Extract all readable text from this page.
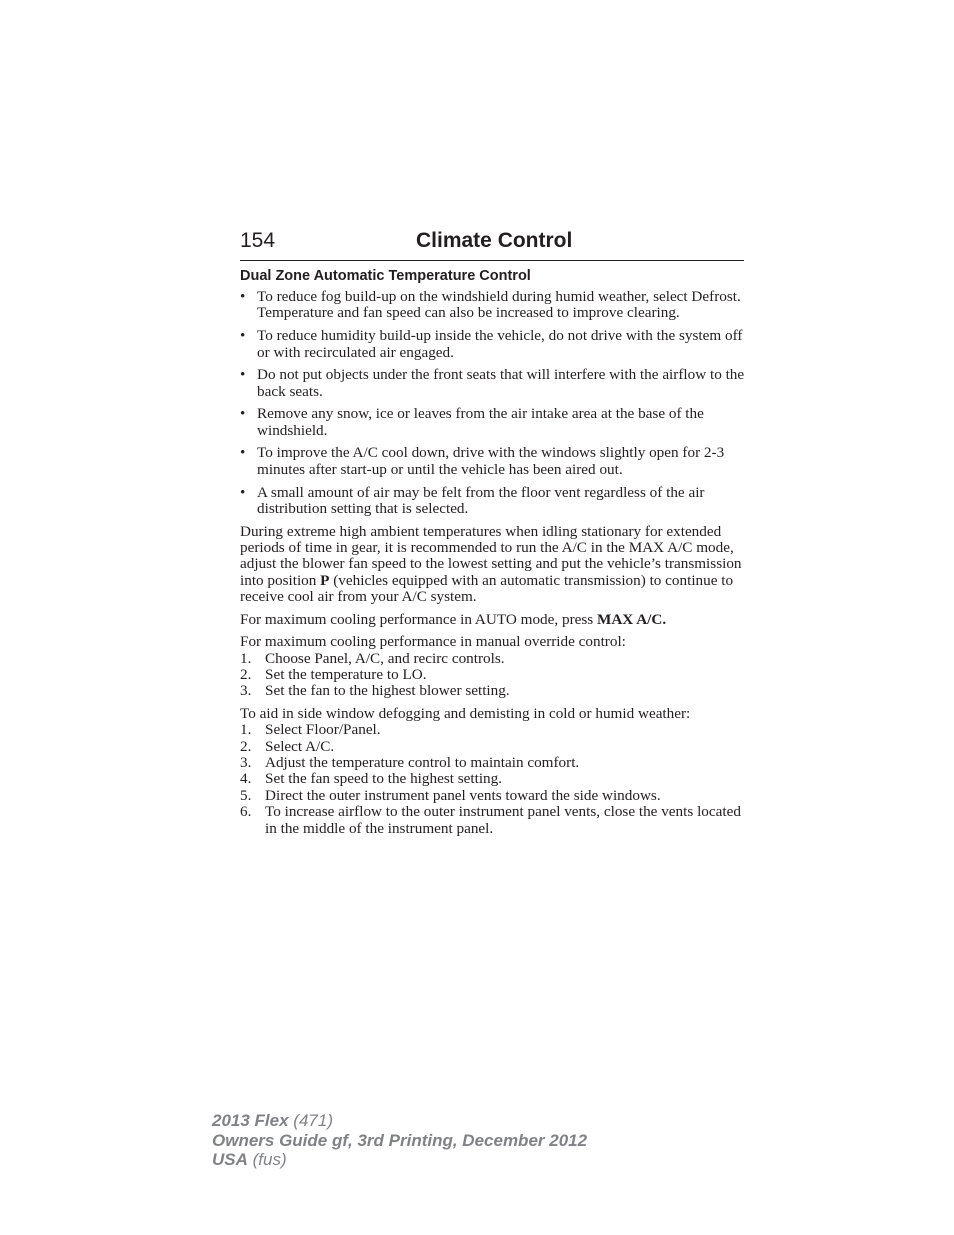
154	Climate Control
Dual Zone Automatic Temperature Control
• To reduce fog build-up on the windshield during humid weather, select Defrost. Temperature and fan speed can also be increased to improve clearing.
• To reduce humidity build-up inside the vehicle, do not drive with the system off or with recirculated air engaged.
• Do not put objects under the front seats that will interfere with the airflow to the back seats.
• Remove any snow, ice or leaves from the air intake area at the base of the windshield.
• To improve the A/C cool down, drive with the windows slightly open for 2-3 minutes after start-up or until the vehicle has been aired out.
• A small amount of air may be felt from the floor vent regardless of the air distribution setting that is selected.

During extreme high ambient temperatures when idling stationary for extended periods of time in gear, it is recommended to run the A/C in the MAX A/C mode, adjust the blower fan speed to the lowest setting and put the vehicle’s transmission into position P (vehicles equipped with an automatic transmission) to continue to receive cool air from your A/C system.

For maximum cooling performance in AUTO mode, press MAX A/C.

For maximum cooling performance in manual override control:
1. Choose Panel, A/C, and recirc controls.
2. Set the temperature to LO.
3. Set the fan to the highest blower setting.
To aid in side window defogging and demisting in cold or humid weather:
1. Select Floor/Panel.
2. Select A/C.
3. Adjust the temperature control to maintain comfort.
4. Set the fan speed to the highest setting.
5. Direct the outer instrument panel vents toward the side windows.
6. To increase airflow to the outer instrument panel vents, close the vents located in the middle of the instrument panel.
2013 Flex (471)
Owners Guide gf, 3rd Printing, December 2012
USA (fus)
